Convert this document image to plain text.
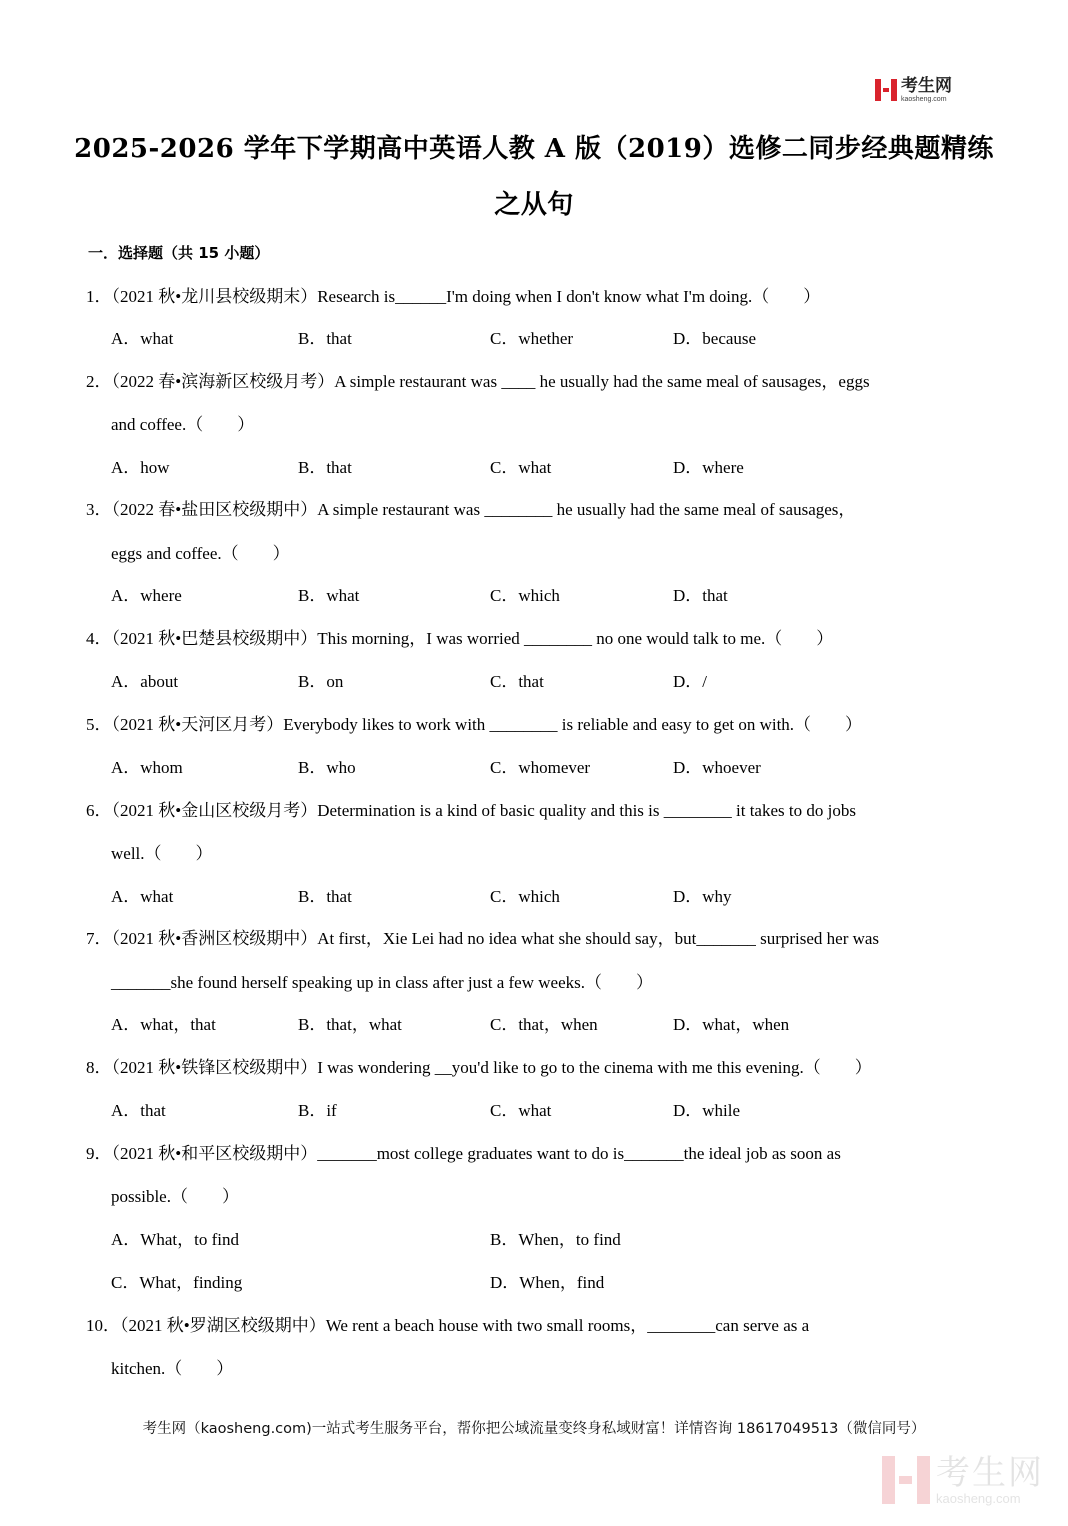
考生网
kaosheng.com
2025-2026 学年下学期高中英语人教 A 版（2019）选修二同步经典题精练
之从句
一．选择题（共 15 小题）
1．（2021 秋•龙川县校级期末）Research is______I'm doing when I don't know what I'm doing.（　　）
A．what	B．that	C．whether	D．because
2．（2022 春•滨海新区校级月考）A simple restaurant was ____ he usually had the same meal of sausages，eggs
and coffee.（　　）
A．how	B．that	C．what	D．where
3．（2022 春•盐田区校级期中）A simple restaurant was ________ he usually had the same meal of sausages，
eggs and coffee.（　　）
A．where	B．what	C．which	D．that
4．（2021 秋•巴楚县校级期中）This morning，I was worried ________ no one would talk to me.（　　）
A．about	B．on	C．that	D．/
5．（2021 秋•天河区月考）Everybody likes to work with ________ is reliable and easy to get on with.（　　）
A．whom	B．who	C．whomever	D．whoever
6．（2021 秋•金山区校级月考）Determination is a kind of basic quality and this is ________ it takes to do jobs
well.（　　）
A．what	B．that	C．which	D．why
7．（2021 秋•香洲区校级期中）At first，Xie Lei had no idea what she should say，but_______ surprised her was
_______she found herself speaking up in class after just a few weeks.（　　）
A．what，that	B．that，what	C．that，when	D．what，when
8．（2021 秋•铁锋区校级期中）I was wondering __you'd like to go to the cinema with me this evening.（　　）
A．that	B．if	C．what	D．while
9．（2021 秋•和平区校级期中）_______most college graduates want to do is_______the ideal job as soon as
possible.（　　）
A．What，to find	B．When，to find
C．What，finding	D．When，find
10．（2021 秋•罗湖区校级期中）We rent a beach house with two small rooms，________can serve as a
kitchen.（　　）
考生网（kaosheng.com)一站式考生服务平台，帮你把公域流量变终身私域财富！详情咨询 18617049513（微信同号）
考生网
kaosheng.com
